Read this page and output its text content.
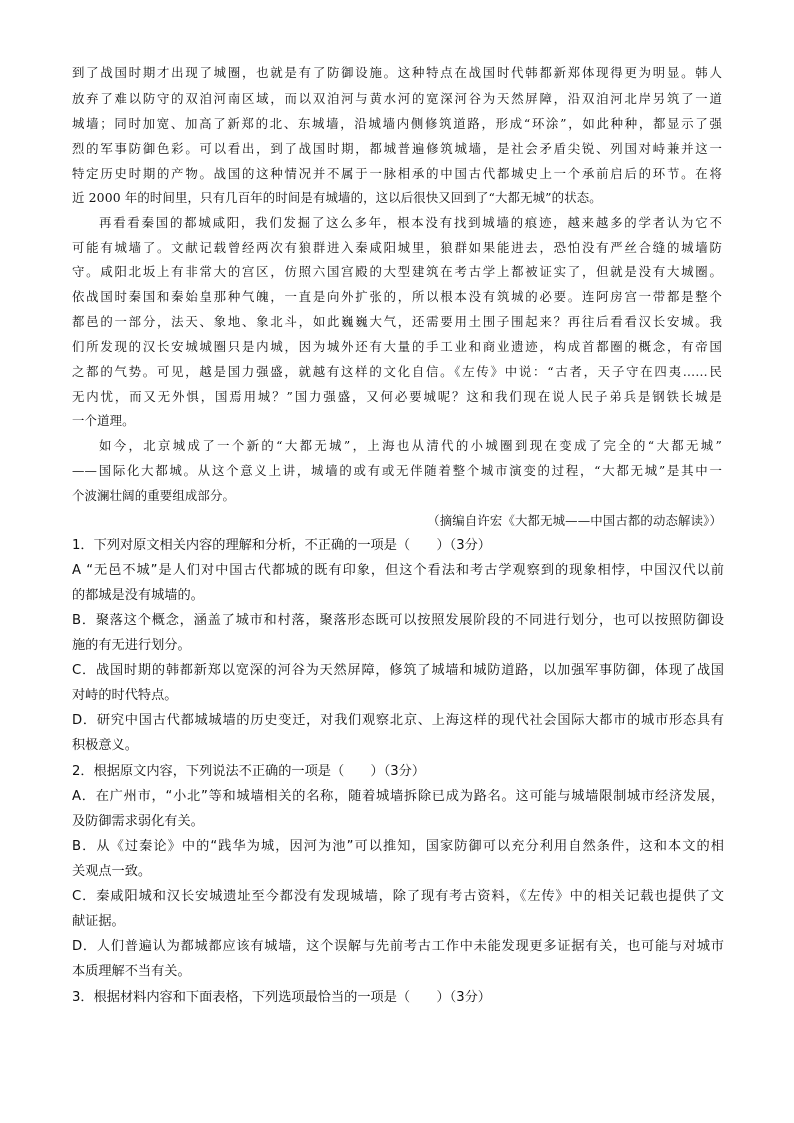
到了战国时期才出现了城圈，也就是有了防御设施。这种特点在战国时代韩都新郑体现得更为明显。韩人
放弃了难以防守的双洎河南区域，而以双洎河与黄水河的宽深河谷为天然屏障，沿双洎河北岸另筑了一道
城墙；同时加宽、加高了新郑的北、东城墙，沿城墙内侧修筑道路，形成“环涂”，如此种种，都显示了强
烈的军事防御色彩。可以看出，到了战国时期，都城普遍修筑城墙，是社会矛盾尖锐、列国对峙兼并这一
特定历史时期的产物。战国的这种情况并不属于一脉相承的中国古代都城史上一个承前启后的环节。在将
近 2000 年的时间里，只有几百年的时间是有城墙的，这以后很快又回到了“大都无城”的状态。
再看看秦国的都城咸阳，我们发掘了这么多年，根本没有找到城墙的痕迹，越来越多的学者认为它不
可能有城墙了。文献记载曾经两次有狼群进入秦咸阳城里，狼群如果能进去，恐怕没有严丝合缝的城墙防
守。咸阳北坂上有非常大的宫区，仿照六国宫殿的大型建筑在考古学上都被证实了，但就是没有大城圈。
依战国时秦国和秦始皇那种气魄，一直是向外扩张的，所以根本没有筑城的必要。连阿房宫一带都是整个
都邑的一部分，法天、象地、象北斗，如此巍巍大气，还需要用土围子围起来？再往后看看汉长安城。我
们所发现的汉长安城城圈只是内城，因为城外还有大量的手工业和商业遗迹，构成首都圈的概念，有帝国
之都的气势。可见，越是国力强盛，就越有这样的文化自信。《左传》中说：“古者，天子守在四夷……民
无内忧，而又无外惧，国焉用城？”国力强盛，又何必要城呢？这和我们现在说人民子弟兵是钢铁长城是
一个道理。
如今，北京城成了一个新的“大都无城”，上海也从清代的小城圈到现在变成了完全的“大都无城”
——国际化大都城。从这个意义上讲，城墙的或有或无伴随着整个城市演变的过程，“大都无城”是其中一
个波澜壮阔的重要组成部分。
（摘编自许宏《大都无城——中国古都的动态解读》）
1．下列对原文相关内容的理解和分析，不正确的一项是（　　）（3分）
A “无邑不城”是人们对中国古代都城的既有印象，但这个看法和考古学观察到的现象相悖，中国汉代以前
的都城是没有城墙的。
B．聚落这个概念，涵盖了城市和村落，聚落形态既可以按照发展阶段的不同进行划分，也可以按照防御设
施的有无进行划分。
C．战国时期的韩都新郑以宽深的河谷为天然屏障，修筑了城墙和城防道路，以加强军事防御，体现了战国
对峙的时代特点。
D．研究中国古代都城城墙的历史变迁，对我们观察北京、上海这样的现代社会国际大都市的城市形态具有
积极意义。
2．根据原文内容，下列说法不正确的一项是（　　）（3分）
A．在广州市，“小北”等和城墙相关的名称，随着城墙拆除已成为路名。这可能与城墙限制城市经济发展，
及防御需求弱化有关。
B．从《过秦论》中的“践华为城，因河为池”可以推知，国家防御可以充分利用自然条件，这和本文的相
关观点一致。
C．秦咸阳城和汉长安城遗址至今都没有发现城墙，除了现有考古资料，《左传》中的相关记载也提供了文
献证据。
D．人们普遍认为都城都应该有城墙，这个误解与先前考古工作中未能发现更多证据有关，也可能与对城市
本质理解不当有关。
3．根据材料内容和下面表格，下列选项最恰当的一项是（　　）（3分）
